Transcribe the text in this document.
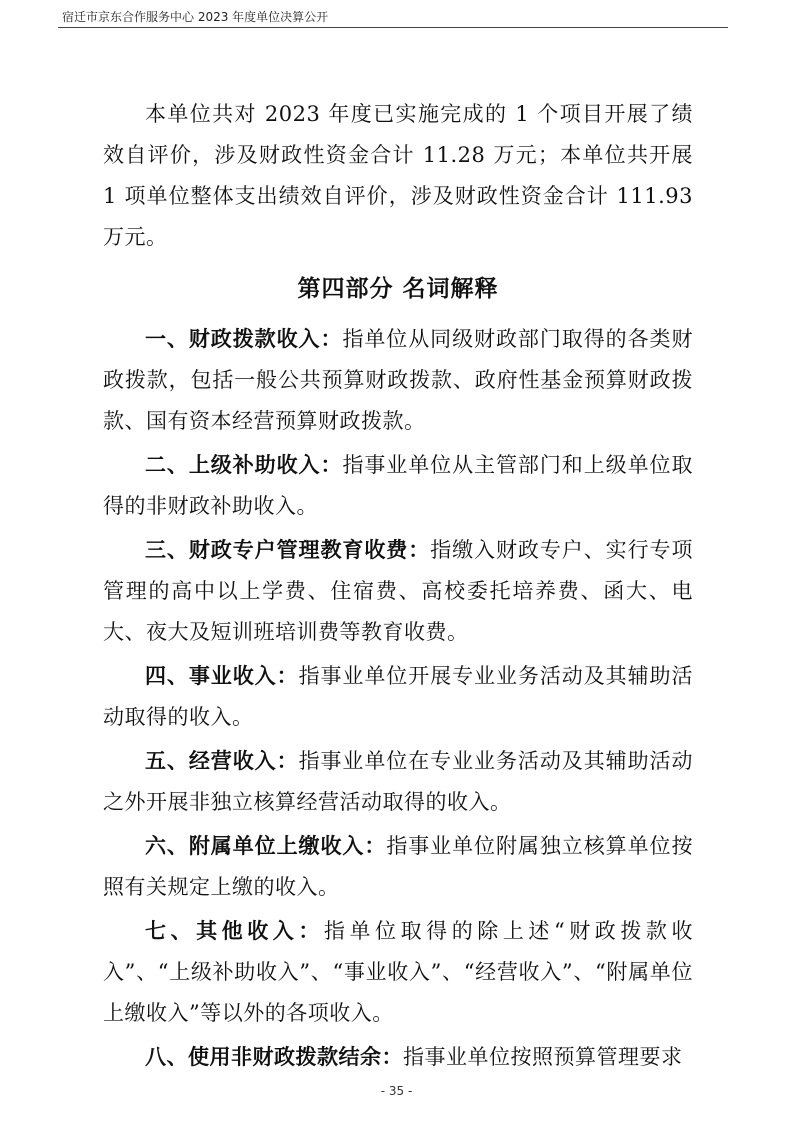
宿迁市京东合作服务中心 2023 年度单位决算公开

本单位共对 2023 年度已实施完成的 1 个项目开展了绩效自评价，涉及财政性资金合计 11.28 万元；本单位共开展 1 项单位整体支出绩效自评价，涉及财政性资金合计 111.93 万元。

第四部分 名词解释

一、财政拨款收入：指单位从同级财政部门取得的各类财政拨款，包括一般公共预算财政拨款、政府性基金预算财政拨款、国有资本经营预算财政拨款。

二、上级补助收入：指事业单位从主管部门和上级单位取得的非财政补助收入。

三、财政专户管理教育收费：指缴入财政专户、实行专项管理的高中以上学费、住宿费、高校委托培养费、函大、电大、夜大及短训班培训费等教育收费。

四、事业收入：指事业单位开展专业业务活动及其辅助活动取得的收入。

五、经营收入：指事业单位在专业业务活动及其辅助活动之外开展非独立核算经营活动取得的收入。

六、附属单位上缴收入：指事业单位附属独立核算单位按照有关规定上缴的收入。

七、其他收入：指单位取得的除上述“财政拨款收入”、“上级补助收入”、“事业收入”、“经营收入”、“附属单位上缴收入”等以外的各项收入。

八、使用非财政拨款结余：指事业单位按照预算管理要求

- 35 -
